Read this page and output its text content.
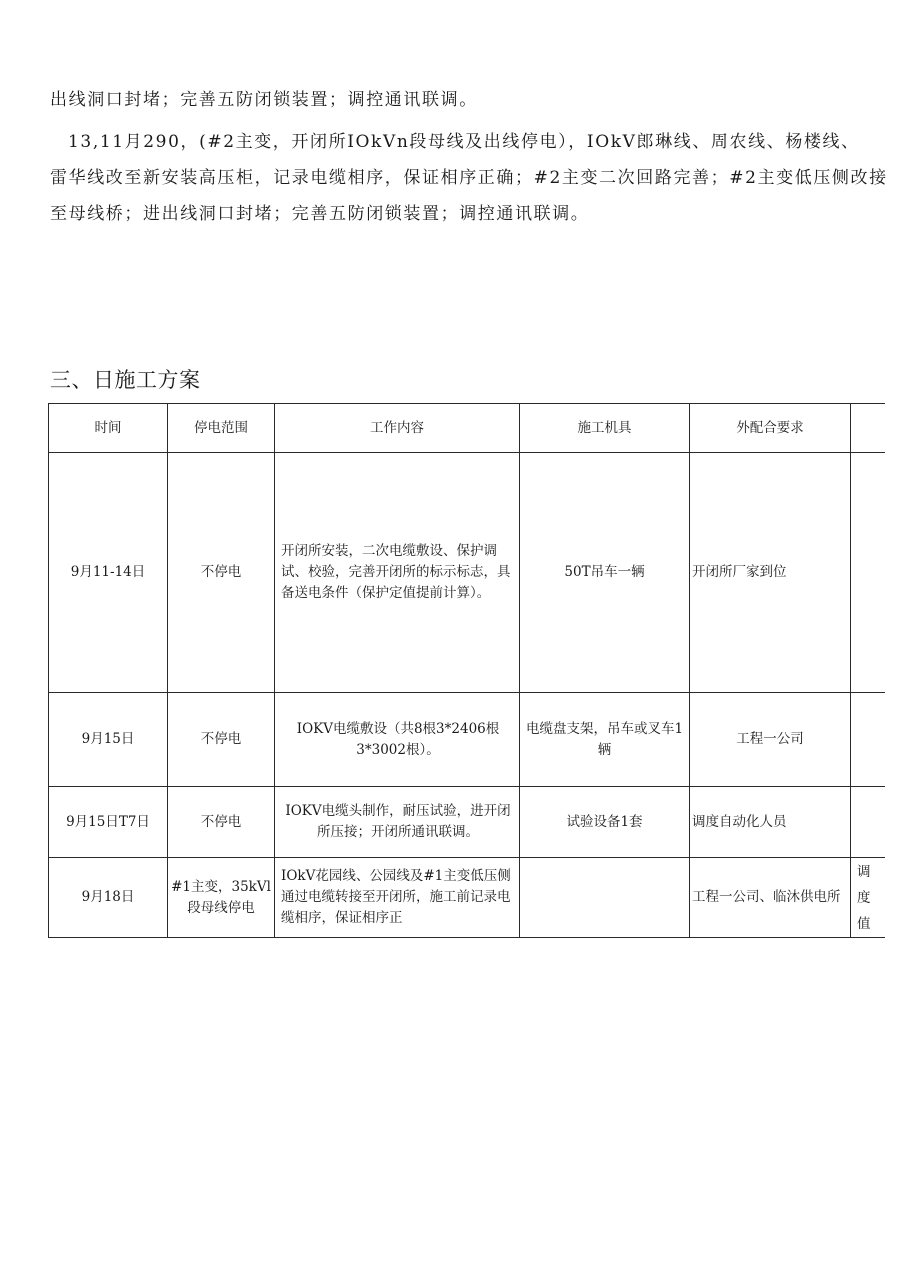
出线洞口封堵；完善五防闭锁装置；调控通讯联调。
13,11月290，(#2主变，开闭所IOkVn段母线及出线停电），IOkV郎琳线、周农线、杨楼线、
雷华线改至新安装高压柜，记录电缆相序，保证相序正确；#2主变二次回路完善；#2主变低压侧改接
至母线桥；进出线洞口封堵；完善五防闭锁装置；调控通讯联调。
三、日施工方案
时间	停电范围	工作内容	施工机具	外配合要求	
9月11-14日	不停电	开闭所安装，二次电缆敷设、保护调试、校验，完善开闭所的标示标志，具备送电条件（保护定值提前计算）。	50T吊车一辆	开闭所厂家到位	
9月15日	不停电	IOKV电缆敷设（共8根3*2406根3*3002根）。	电缆盘支架，吊车或叉车1辆	工程一公司	
9月15日T7日	不停电	IOKV电缆头制作，耐压试验，进开闭所压接；开闭所通讯联调。	试验设备1套	调度自动化人员	
9月18日	#1主变，35kVl段母线停电	IOkV花园线、公园线及#1主变低压侧通过电缆转接至开闭所，施工前记录电缆相序，保证相序正		工程一公司、临沐供电所	调度值
